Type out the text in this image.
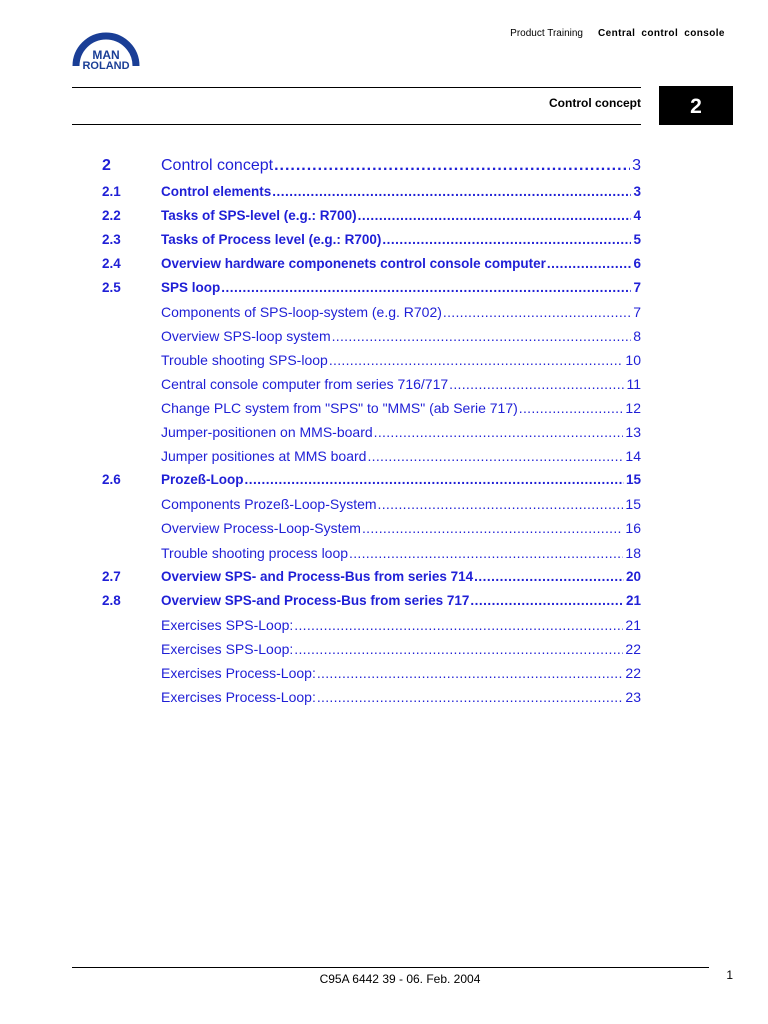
MAN
ROLAND
Product Training Central control console
Control concept	2
2	Control concept .....	3
2.1	Control elements .....	3
2.2	Tasks of SPS-level (e.g.: R700) .....	4
2.3	Tasks of Process level (e.g.: R700) .....	5
2.4	Overview hardware componenets control console computer .....	6
2.5	SPS loop .....	7
Components of SPS-loop-system (e.g. R702) .....	7
Overview SPS-loop system .....	8
Trouble shooting SPS-loop .....	10
Central console computer from series 716/717 .....	11
Change PLC system from "SPS" to "MMS" (ab Serie 717) .....	12
Jumper-positionen on MMS-board .....	13
Jumper positiones at MMS board .....	14
2.6	Prozeß-Loop .....	15
Components Prozeß-Loop-System .....	15
Overview Process-Loop-System .....	16
Trouble shooting process loop .....	18
2.7	Overview SPS- and Process-Bus from series 714 .....	20
2.8	Overview SPS-and Process-Bus from series 717 .....	21
Exercises SPS-Loop: .....	21
Exercises SPS-Loop: .....	22
Exercises Process-Loop: .....	22
Exercises Process-Loop: .....	23
C95A 6442 39 - 06. Feb. 2004	1
